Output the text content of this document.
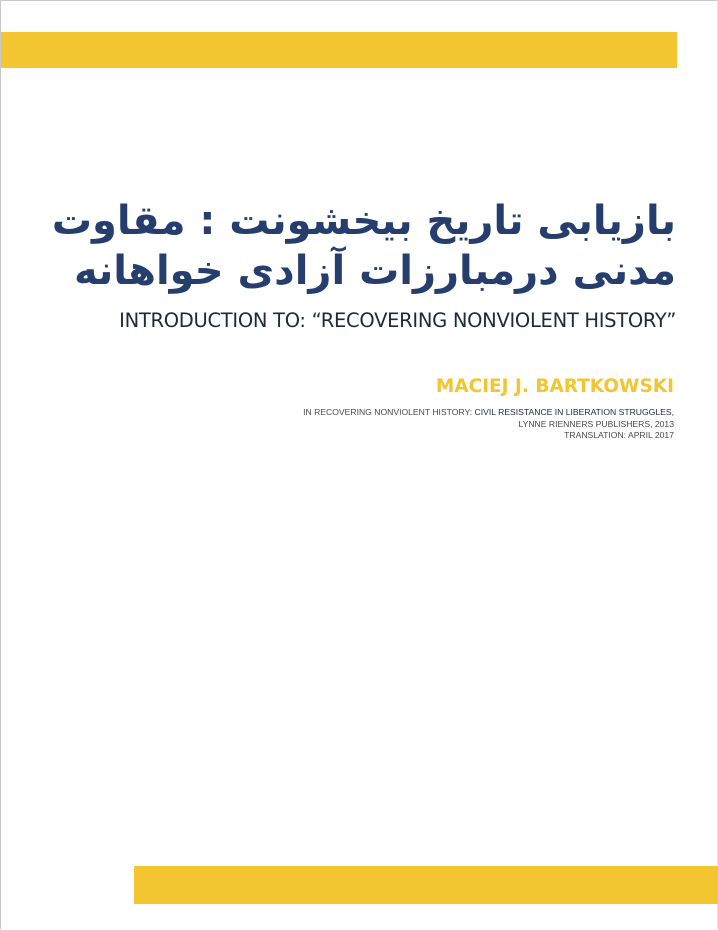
بازیابی تاریخ بیخشونت : مقاوت
مدنی درمبارزات آزادی خواهانه
INTRODUCTION TO: “RECOVERING NONVIOLENT HISTORY”
MACIEJ J. BARTKOWSKI
IN RECOVERING NONVIOLENT HISTORY: CIVIL RESISTANCE IN LIBERATION STRUGGLES,
LYNNE RIENNERS PUBLISHERS, 2013
TRANSLATION: APRIL 2017
